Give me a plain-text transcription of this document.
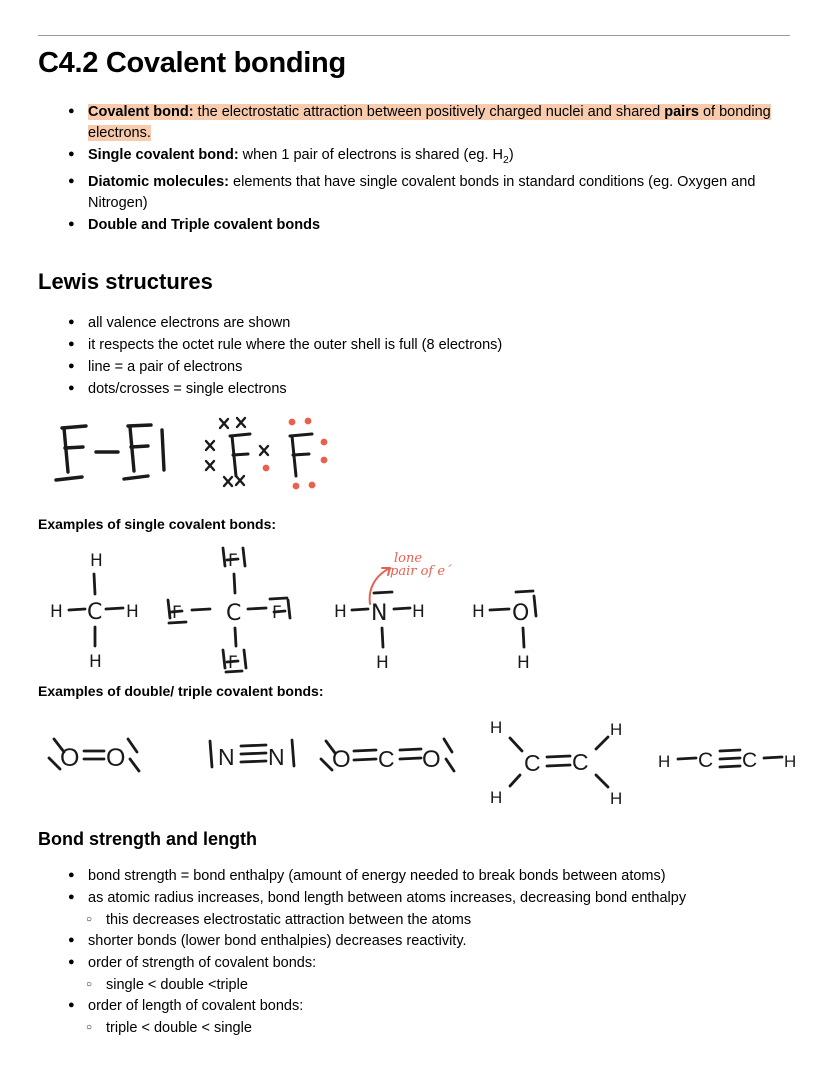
C4.2 Covalent bonding
● Covalent bond: the electrostatic attraction between positively charged nuclei and shared pairs of bonding electrons.
● Single covalent bond: when 1 pair of electrons is shared (eg. $H_2$)
● Diatomic molecules: elements that have single covalent bonds in standard conditions (eg. Oxygen and Nitrogen)
● Double and Triple covalent bonds
Lewis structures
● all valence electrons are shown
● it respects the octet rule where the outer shell is full (8 electrons)
● line = a pair of electrons
● dots/crosses = single electrons

Examples of single covalent bonds:

H
H C H
H
F
F C F
F
H N H
H
H O
H
lone
pair of e´

Examples of double/ triple covalent bonds:

O O	N N O C O
H
C C
H
H	H
H C C H
Bond strength and length
● bond strength = bond enthalpy (amount of energy needed to break bonds between atoms)
● as atomic radius increases, bond length between atoms increases, decreasing bond enthalpy
○ this decreases electrostatic attraction between the atoms
● shorter bonds (lower bond enthalpies) decreases reactivity.
● order of strength of covalent bonds:
○ single < double <triple
● order of length of covalent bonds:
○ triple < double < single
